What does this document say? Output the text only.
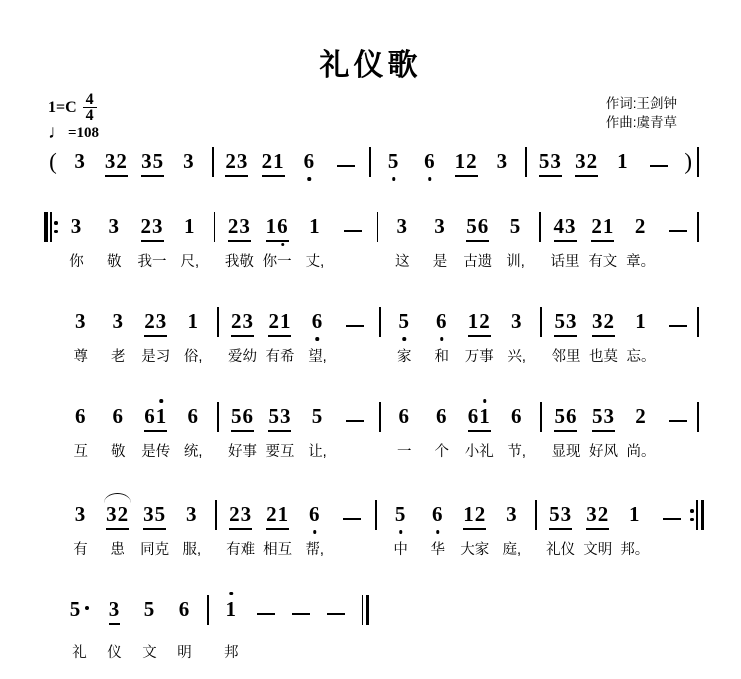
礼仪歌
$1=C \frac{4}{4}$
♩ =108
作词:王剑钟
作曲:虞青草
( 3 3 2 3 5 3 2 3 2 1 6	5 6 1 2 3 5 3 3 2 1 )
3 3 2 3 1
你 敬 我一 尺,
2 3 1 6 1
我敬 你一 丈,
3 3 5 6 5
这 是 古遗 训,
4 3 2 1 2
话里 有文 章。
3 3 2 3 1
尊 老 是习 俗,
2 3 2 1 6
爱幼 有希 望,
5 6 1 2 3
家 和 万事 兴,
5 3 3 2 1
邻里 也莫 忘。
6 6 6 1 6
互 敬 是传 统,
5 6 5 3 5
好事 要互 让,
6 6 6 1 6
一 个 小礼 节,
5 6 5 3 2
显现 好风 尚。
3 3 2 3 5 3
有 患 同克 服,
2 3 2 1 6
有难 相互 帮,
5 6 1 2 3
中 华 大家 庭,
5 3 3 2 1
礼仪 文明 邦。
5 3 5 6
礼 仪 文 明
1
邦
